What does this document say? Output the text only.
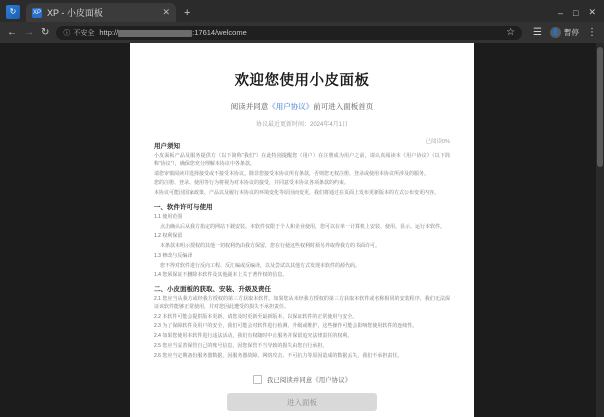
↻	XP XP - 小皮面板	✕ +	– □ ✕
← → ↻ ⓘ 不安全 http://	:17614/welcome	☆ ☰ 👤 暫停 ⋮
欢迎您使用小皮面板
阅读并同意《用户协议》前可进入面板首页
协议最近更新时间：2024年4月1日
已阅读0%
用户须知

小皮面板产品及服务提供方（以下简称“我们”）在此特别提醒您（用户）在注册成为用户之前，请认真阅读本《用户协议》（以下简称“协议”），确保您充分理解本协议中各条款。

请您审慎阅读并选择接受或不接受本协议。除非您接受本协议所有条款，否则您无权注册、登录或使用本协议所涉及的服务。

您的注册、登录、使用等行为将视为对本协议的接受，并同意受本协议各项条款的约束。

本协议可能因国家政策、产品以及履行本协议的环境变化等原因而变更，我们将通过在页面上发布更新版本的方式公布变更内容。

一、软件许可与使用

1.1 使用范围

点击确认后从我方指定的网站下载安装。本软件仅限于个人和企业使用，您可以在单一计算机上安装、使用、显示、运行本软件。

1.2 权利保留

本条款未明示授权的其他一切权利仍由我方保留，您在行使这些权利时须另外取得我方的书面许可。

1.3 修改与反编译

您不得对软件进行反向工程、反汇编或反编译，以及尝试以其他方式发现本软件的源代码。

1.4 您须保证不删除本软件及其他副本上关于著作权的信息。

二、小皮面板的获取、安装、升级及责任

2.1 您应当从我方或经我方授权的第三方获取本软件。如果您从未经我方授权的第三方获取本软件或名称相同的安装程序，我们无法保证该软件能够正常使用，并对您因此遭受的损失不承担责任。

2.2 本软件可能会提供版本更新，请您及时更新至最新版本，以保证软件的正常使用与安全。

2.3 为了保障软件及用户的安全，我们可能会对软件进行检测、升级或维护，这些操作可能会影响您使用软件的连续性。

2.4 如果您使用本软件进行违法活动，我们有权随时中止服务并保留追究法律责任的权利。

2.5 您应当妥善保管自己的账号信息，因您保管不当导致的损失由您自行承担。

2.6 您应当定期备份服务器数据，因服务器故障、网络攻击、不可抗力等原因造成的数据丢失，我们不承担责任。

我已阅读并同意《用户协议》
进入面板
